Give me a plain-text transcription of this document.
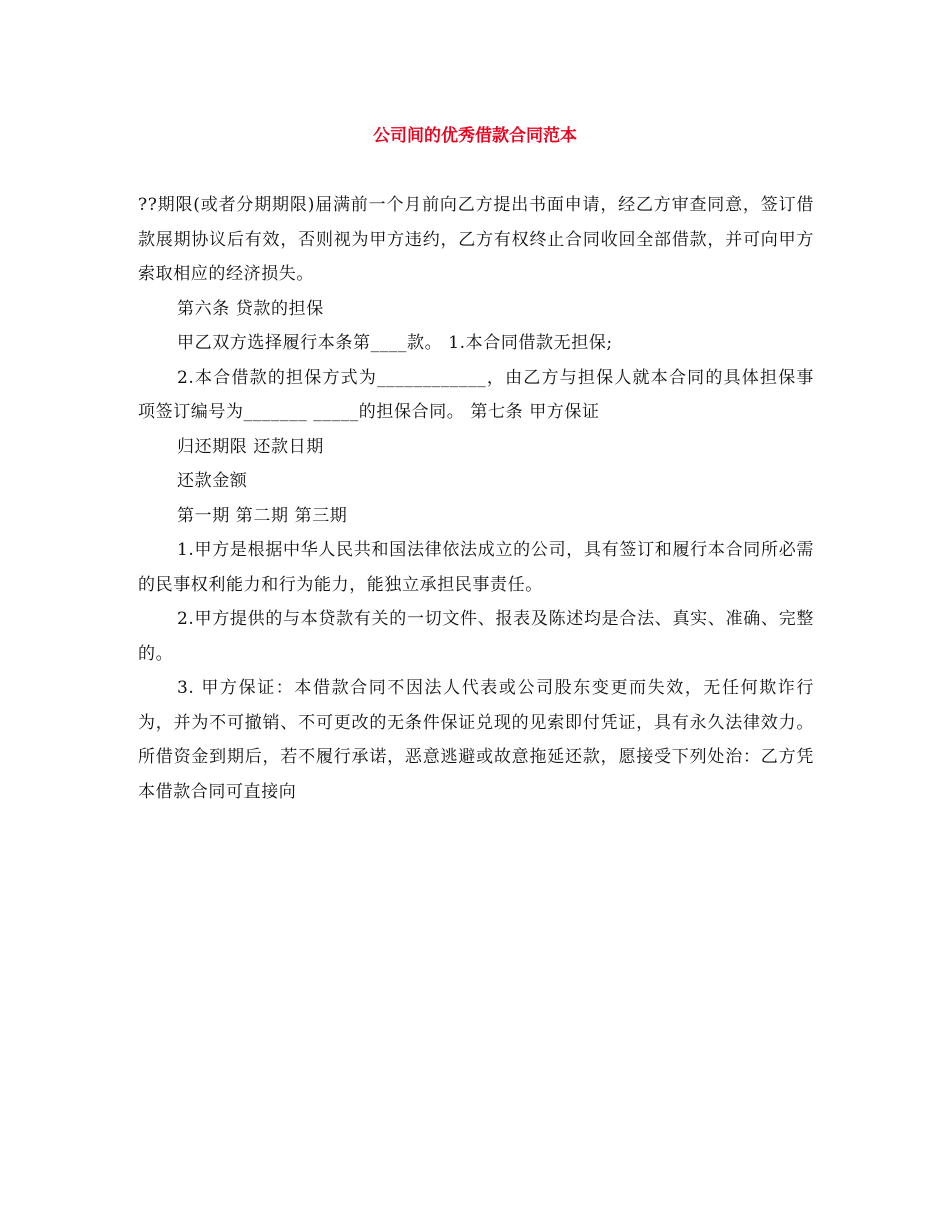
公司间的优秀借款合同范本

??期限(或者分期期限)届满前一个月前向乙方提出书面申请，经乙方审查同意，签订借款展期协议后有效，否则视为甲方违约，乙方有权终止合同收回全部借款，并可向甲方索取相应的经济损失。

第六条 贷款的担保

甲乙双方选择履行本条第____款。 1.本合同借款无担保;

2.本合借款的担保方式为____________，由乙方与担保人就本合同的具体担保事项签订编号为_______ _____的担保合同。 第七条 甲方保证

归还期限 还款日期

还款金额

第一期 第二期 第三期

1.甲方是根据中华人民共和国法律依法成立的公司，具有签订和履行本合同所必需的民事权利能力和行为能力，能独立承担民事责任。

2.甲方提供的与本贷款有关的一切文件、报表及陈述均是合法、真实、准确、完整的。

3. 甲方保证：本借款合同不因法人代表或公司股东变更而失效，无任何欺诈行为，并为不可撤销、不可更改的无条件保证兑现的见索即付凭证，具有永久法律效力。所借资金到期后，若不履行承诺，恶意逃避或故意拖延还款，愿接受下列处治：乙方凭本借款合同可直接向
